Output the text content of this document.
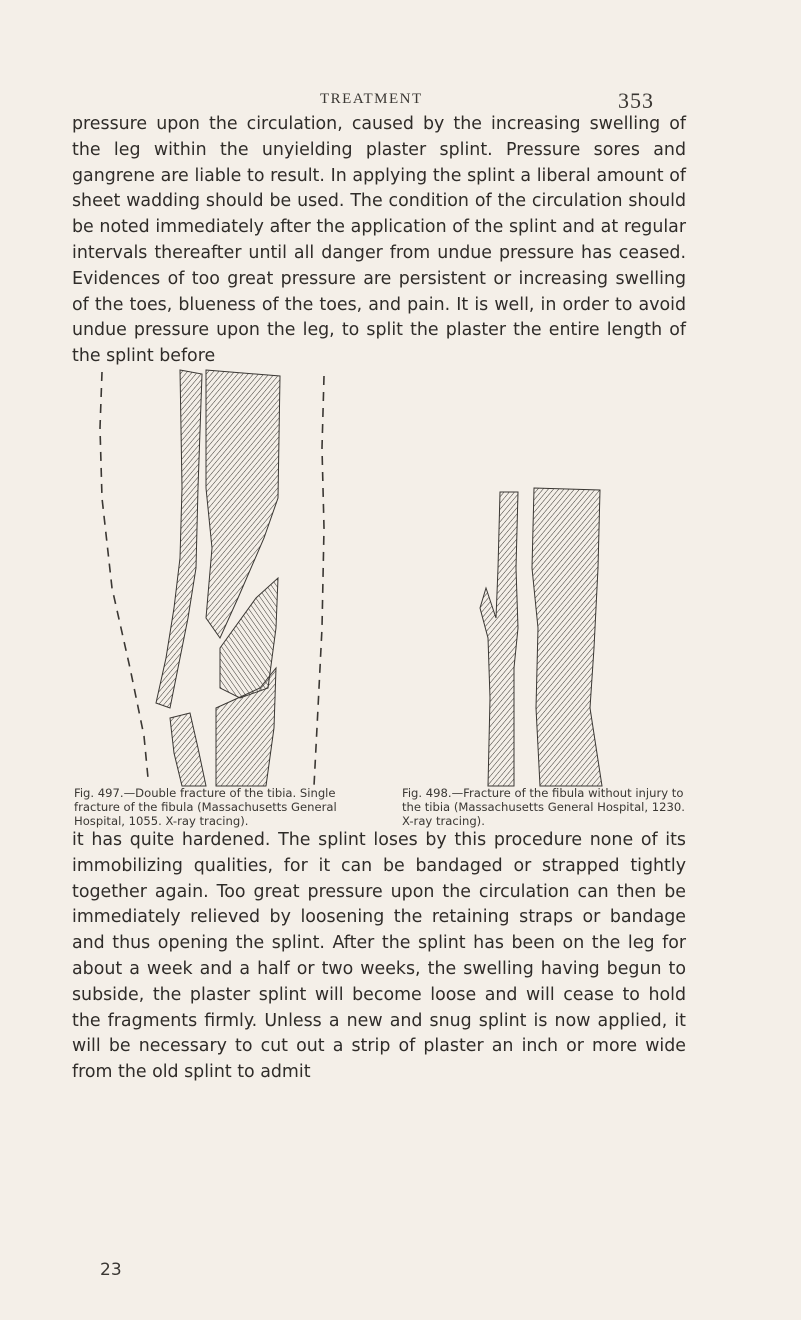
TREATMENT	353

pressure upon the circulation, caused by the increasing swelling of the leg within the unyielding plaster splint. Pressure sores and gangrene are liable to result. In applying the splint a liberal amount of sheet wadding should be used. The condition of the circulation should be noted immediately after the application of the splint and at regular intervals thereafter until all danger from undue pressure has ceased. Evidences of too great pressure are persistent or increasing swelling of the toes, blueness of the toes, and pain. It is well, in order to avoid undue pressure upon the leg, to split the plaster the entire length of the splint before

Fig. 497.—Double fracture of the tibia. Single fracture of the fibula (Massachusetts General Hospital, 1055. X-ray tracing).

Fig. 498.—Fracture of the fibula without injury to the tibia (Massachusetts General Hospital, 1230. X-ray tracing).

it has quite hardened. The splint loses by this procedure none of its immobilizing qualities, for it can be bandaged or strapped tightly together again. Too great pressure upon the circulation can then be immediately relieved by loosening the retaining straps or bandage and thus opening the splint. After the splint has been on the leg for about a week and a half or two weeks, the swelling having begun to subside, the plaster splint will become loose and will cease to hold the fragments firmly. Unless a new and snug splint is now applied, it will be necessary to cut out a strip of plaster an inch or more wide from the old splint to admit

23
